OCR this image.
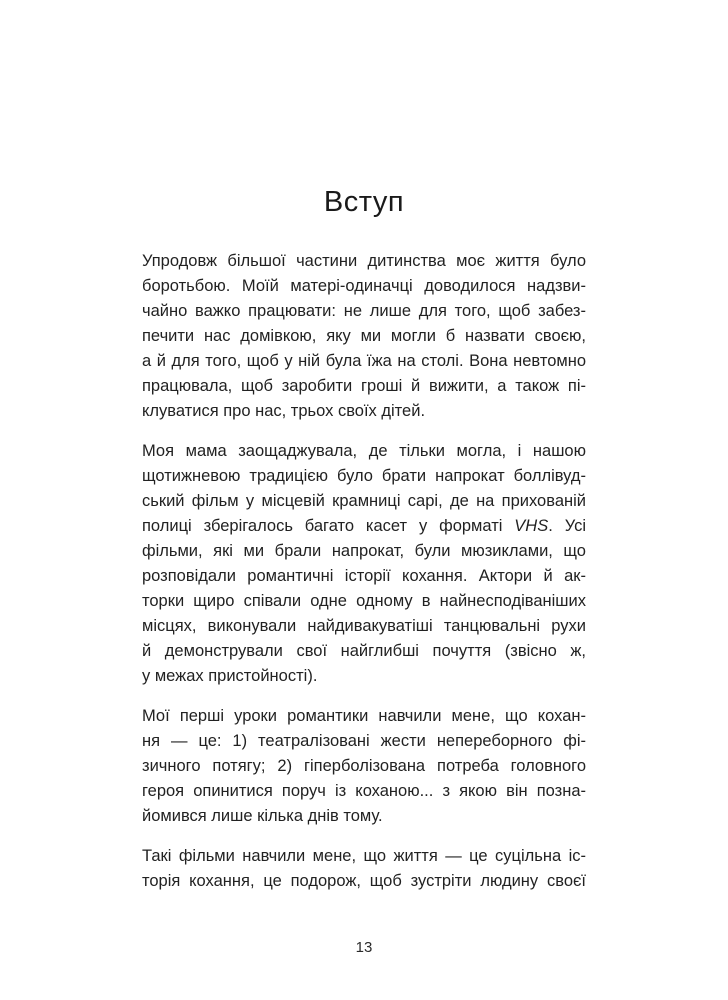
Вступ

Упродовж більшої частини дитинства моє життя було
боротьбою. Моїй матері-одиначці доводилося надзви-
чайно важко працювати: не лише для того, щоб забез-
печити нас домівкою, яку ми могли б назвати своєю,
а й для того, щоб у ній була їжа на столі. Вона невтомно
працювала, щоб заробити гроші й вижити, а також пі-
клуватися про нас, трьох своїх дітей.

Моя мама заощаджувала, де тільки могла, і нашою
щотижневою традицією було брати напрокат боллівуд-
ський фільм у місцевій крамниці сарі, де на прихованій
полиці зберігалось багато касет у форматі VHS. Усі
фільми, які ми брали напрокат, були мюзиклами, що
розповідали романтичні історії кохання. Актори й ак-
торки щиро співали одне одному в найнесподіваніших
місцях, виконували найдивакуватіші танцювальні рухи
й демонстрували свої найглибші почуття (звісно ж,
у межах пристойності).

Мої перші уроки романтики навчили мене, що кохан-
ня — це: 1) театралізовані жести непереборного фі-
зичного потягу; 2) гіперболізована потреба головного
героя опинитися поруч із коханою... з якою він позна-
йомився лише кілька днів тому.

Такі фільми навчили мене, що життя — це суцільна іс-
торія кохання, це подорож, щоб зустріти людину своєї

13
